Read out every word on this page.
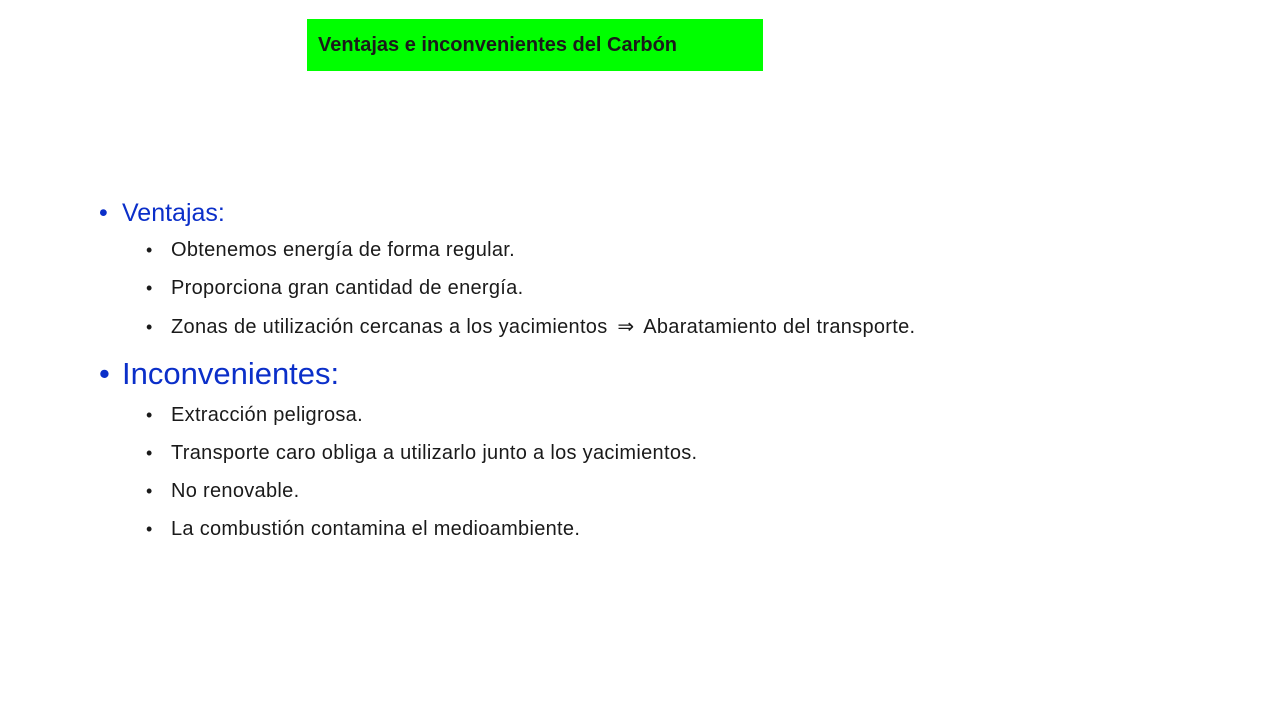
Ventajas e inconvenientes del Carbón
• Ventajas:
• Obtenemos energía de forma regular.
• Proporciona gran cantidad de energía.
• Zonas de utilización cercanas a los yacimientos ⇒ Abaratamiento del transporte.
• Inconvenientes:
• Extracción peligrosa.
• Transporte caro obliga a utilizarlo junto a los yacimientos.
• No renovable.
• La combustión contamina el medioambiente.
